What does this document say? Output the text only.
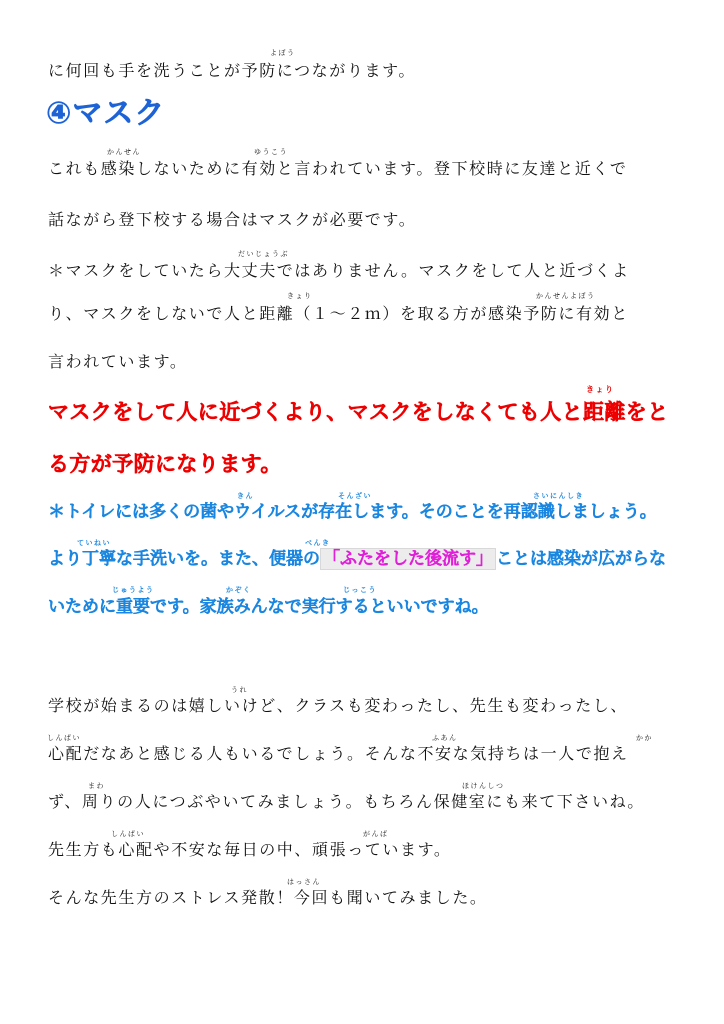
よぼう
かんせん	ゆうこう
だいじょうぶ
きょり	かんせんよぼう
きょり
きん	そんざい	さいにんしき
ていねい	べんき
じゅうよう	かぞく	じっこう
うれ
しんぱい	ふあん	かか
まわ	ほけんしつ
しんぱい	がんば
はっさん
に何回も手を洗うことが予防につながります。
④マスク
これも感染しないために有効と言われています。登下校時に友達と近くで
話ながら登下校する場合はマスクが必要です。
＊マスクをしていたら大丈夫ではありません。マスクをして人と近づくよ
り、マスクをしないで人と距離（１～２ｍ）を取る方が感染予防に有効と
言われています。
マスクをして人に近づくより、マスクをしなくても人と距離をと
る方が予防になります。
＊トイレには多くの菌やウイルスが存在します。そのことを再認識しましょう。
より丁寧な手洗いを。また、便器の 「ふたをした後流す」 ことは感染が広がらな
いために重要です。家族みんなで実行するといいですね。
学校が始まるのは嬉しいけど、クラスも変わったし、先生も変わったし、
心配だなあと感じる人もいるでしょう。そんな不安な気持ちは一人で抱え
ず、周りの人につぶやいてみましょう。もちろん保健室にも来て下さいね。
先生方も心配や不安な毎日の中、頑張っています。
そんな先生方のストレス発散！今回も聞いてみました。
